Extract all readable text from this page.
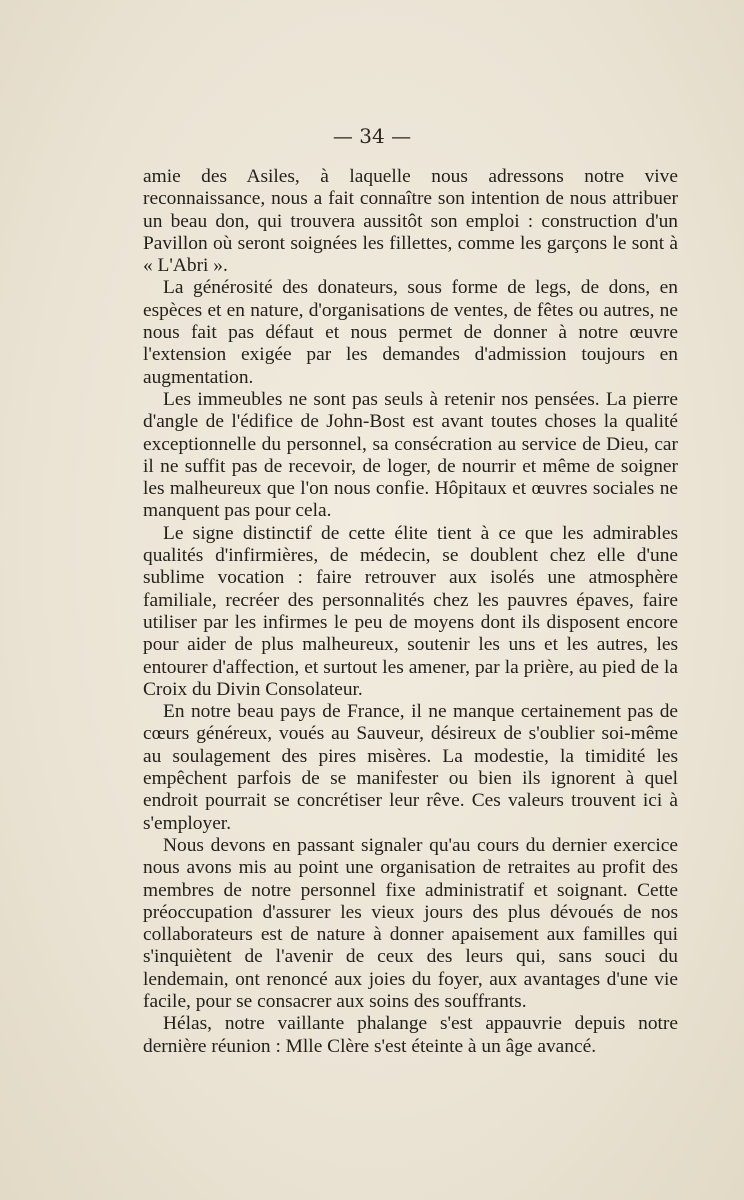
— 34 —

amie des Asiles, à laquelle nous adressons notre vive reconnaissance, nous a fait connaître son intention de nous attribuer un beau don, qui trouvera aussitôt son emploi : construction d'un Pavillon où seront soignées les fillettes, comme les garçons le sont à « L'Abri ».

La générosité des donateurs, sous forme de legs, de dons, en espèces et en nature, d'organisations de ventes, de fêtes ou autres, ne nous fait pas défaut et nous permet de donner à notre œuvre l'extension exigée par les demandes d'admission toujours en augmentation.

Les immeubles ne sont pas seuls à retenir nos pensées. La pierre d'angle de l'édifice de John-Bost est avant toutes choses la qualité exceptionnelle du personnel, sa consécration au service de Dieu, car il ne suffit pas de recevoir, de loger, de nourrir et même de soigner les malheureux que l'on nous confie. Hôpitaux et œuvres sociales ne manquent pas pour cela.

Le signe distinctif de cette élite tient à ce que les admirables qualités d'infirmières, de médecin, se doublent chez elle d'une sublime vocation : faire retrouver aux isolés une atmosphère familiale, recréer des personnalités chez les pauvres épaves, faire utiliser par les infirmes le peu de moyens dont ils disposent encore pour aider de plus malheureux, soutenir les uns et les autres, les entourer d'affection, et surtout les amener, par la prière, au pied de la Croix du Divin Consolateur.

En notre beau pays de France, il ne manque certainement pas de cœurs généreux, voués au Sauveur, désireux de s'oublier soi-même au soulagement des pires misères. La modestie, la timidité les empêchent parfois de se manifester ou bien ils ignorent à quel endroit pourrait se concrétiser leur rêve. Ces valeurs trouvent ici à s'employer.

Nous devons en passant signaler qu'au cours du dernier exercice nous avons mis au point une organisation de retraites au profit des membres de notre personnel fixe administratif et soignant. Cette préoccupation d'assurer les vieux jours des plus dévoués de nos collaborateurs est de nature à donner apaisement aux familles qui s'inquiètent de l'avenir de ceux des leurs qui, sans souci du lendemain, ont renoncé aux joies du foyer, aux avantages d'une vie facile, pour se consacrer aux soins des souffrants.

Hélas, notre vaillante phalange s'est appauvrie depuis notre dernière réunion : Mlle Clère s'est éteinte à un âge avancé.
